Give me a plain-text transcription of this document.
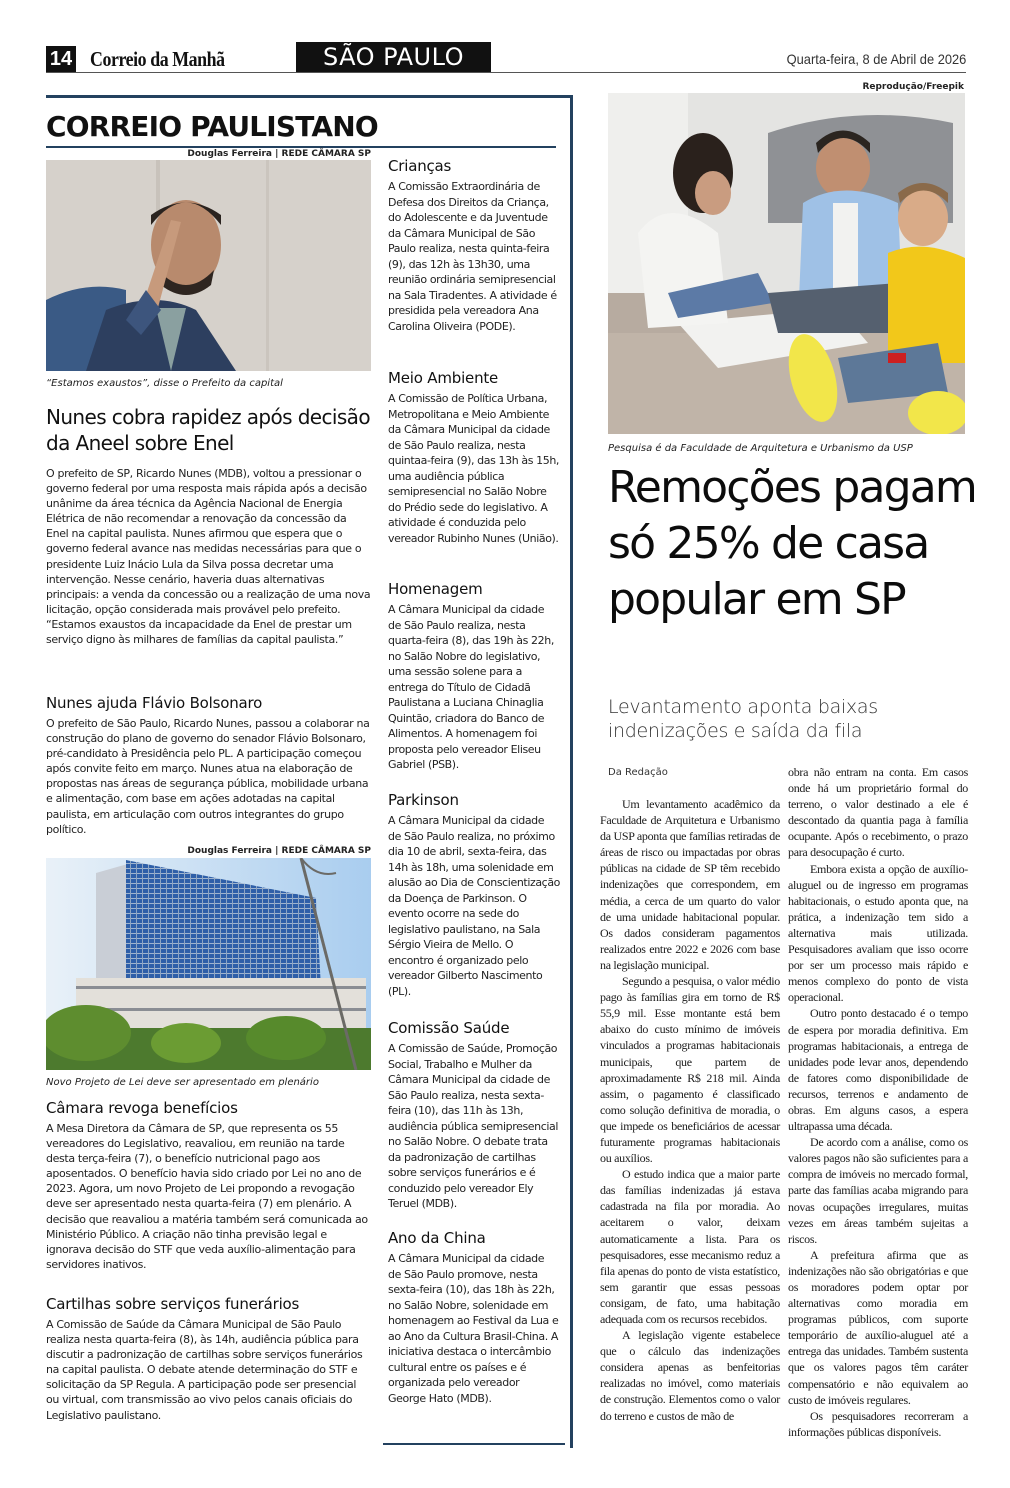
14 Correio da Manhã	SÃO PAULO	Quarta-feira, 8 de Abril de 2026
CORREIO PAULISTANO
Douglas Ferreira | REDE CÂMARA SP
“Estamos exaustos”, disse o Prefeito da capital
Nunes cobra rapidez após decisão da Aneel sobre Enel

O prefeito de SP, Ricardo Nunes (MDB), voltou a pressionar o governo federal por uma resposta mais rápida após a decisão unânime da área técnica da Agência Nacional de Energia Elétrica de não recomendar a renovação da concessão da Enel na capital paulista. Nunes afirmou que espera que o governo federal avance nas medidas necessárias para que o presidente Luiz Inácio Lula da Silva possa decretar uma intervenção. Nesse cenário, haveria duas alternativas principais: a venda da concessão ou a realização de uma nova licitação, opção considerada mais provável pelo prefeito. “Estamos exaustos da incapacidade da Enel de prestar um serviço digno às milhares de famílias da capital paulista.”

Nunes ajuda Flávio Bolsonaro

O prefeito de São Paulo, Ricardo Nunes, passou a colaborar na construção do plano de governo do senador Flávio Bolsonaro, pré-candidato à Presidência pelo PL. A participação começou após convite feito em março. Nunes atua na elaboração de propostas nas áreas de segurança pública, mobilidade urbana e alimentação, com base em ações adotadas na capital paulista, em articulação com outros integrantes do grupo político.

Douglas Ferreira | REDE CÂMARA SP
Novo Projeto de Lei deve ser apresentado em plenário
Câmara revoga benefícios

A Mesa Diretora da Câmara de SP, que representa os 55 vereadores do Legislativo, reavaliou, em reunião na tarde desta terça-feira (7), o benefício nutricional pago aos aposentados. O benefício havia sido criado por Lei no ano de 2023. Agora, um novo Projeto de Lei propondo a revogação deve ser apresentado nesta quarta-feira (7) em plenário. A decisão que reavaliou a matéria também será comunicada ao Ministério Público. A criação não tinha previsão legal e ignorava decisão do STF que veda auxílio-alimentação para servidores inativos.

Cartilhas sobre serviços funerários

A Comissão de Saúde da Câmara Municipal de São Paulo realiza nesta quarta-feira (8), às 14h, audiência pública para discutir a padronização de cartilhas sobre serviços funerários na capital paulista. O debate atende determinação do STF e solicitação da SP Regula. A participação pode ser presencial ou virtual, com transmissão ao vivo pelos canais oficiais do Legislativo paulistano.

Crianças

A Comissão Extraordinária de Defesa dos Direitos da Criança, do Adolescente e da Juventude da Câmara Municipal de São Paulo realiza, nesta quinta-feira (9), das 12h às 13h30, uma reunião ordinária semipresencial na Sala Tiradentes. A atividade é presidida pela vereadora Ana Carolina Oliveira (PODE).

Meio Ambiente

A Comissão de Política Urbana, Metropolitana e Meio Ambiente da Câmara Municipal da cidade de São Paulo realiza, nesta quintaa-feira (9), das 13h às 15h, uma audiência pública semipresencial no Salão Nobre do Prédio sede do legislativo. A atividade é conduzida pelo vereador Rubinho Nunes (União).

Homenagem

A Câmara Municipal da cidade de São Paulo realiza, nesta quarta-feira (8), das 19h às 22h, no Salão Nobre do legislativo, uma sessão solene para a entrega do Título de Cidadã Paulistana a Luciana Chinaglia Quintão, criadora do Banco de Alimentos. A homenagem foi proposta pelo vereador Eliseu Gabriel (PSB).

Parkinson

A Câmara Municipal da cidade de São Paulo realiza, no próximo dia 10 de abril, sexta-feira, das 14h às 18h, uma solenidade em alusão ao Dia de Conscientização da Doença de Parkinson. O evento ocorre na sede do legislativo paulistano, na Sala Sérgio Vieira de Mello. O encontro é organizado pelo vereador Gilberto Nascimento (PL).

Comissão Saúde

A Comissão de Saúde, Promoção Social, Trabalho e Mulher da Câmara Municipal da cidade de São Paulo realiza, nesta sexta-feira (10), das 11h às 13h, audiência pública semipresencial no Salão Nobre. O debate trata da padronização de cartilhas sobre serviços funerários e é conduzido pelo vereador Ely Teruel (MDB).

Ano da China

A Câmara Municipal da cidade de São Paulo promove, nesta sexta-feira (10), das 18h às 22h, no Salão Nobre, solenidade em homenagem ao Festival da Lua e ao Ano da Cultura Brasil-China. A iniciativa destaca o intercâmbio cultural entre os países e é organizada pelo vereador George Hato (MDB).

Reprodução/Freepik
Pesquisa é da Faculdade de Arquitetura e Urbanismo da USP
Remoções pagam só 25% de casa popular em SP

Levantamento aponta baixas indenizações e saída da fila

Da Redação

Um levantamento acadêmico da Faculdade de Arquitetura e Urbanismo da USP aponta que famílias retiradas de áreas de risco ou impactadas por obras públicas na cidade de SP têm recebido indenizações que correspondem, em média, a cerca de um quarto do valor de uma unidade habitacional popular. Os dados consideram pagamentos realizados entre 2022 e 2026 com base na legislação municipal.

Segundo a pesquisa, o valor médio pago às famílias gira em torno de R$ 55,9 mil. Esse montante está bem abaixo do custo mínimo de imóveis vinculados a programas habitacionais municipais, que partem de aproximadamente R$ 218 mil. Ainda assim, o pagamento é classificado como solução definitiva de moradia, o que impede os beneficiários de acessar futuramente programas habitacionais ou auxílios.

O estudo indica que a maior parte das famílias indenizadas já estava cadastrada na fila por moradia. Ao aceitarem o valor, deixam automaticamente a lista. Para os pesquisadores, esse mecanismo reduz a fila apenas do ponto de vista estatístico, sem garantir que essas pessoas consigam, de fato, uma habitação adequada com os recursos recebidos.

A legislação vigente estabelece que o cálculo das indenizações considera apenas as benfeitorias realizadas no imóvel, como materiais de construção. Elementos como o valor do terreno e custos de mão de

obra não entram na conta. Em casos onde há um proprietário formal do terreno, o valor destinado a ele é descontado da quantia paga à família ocupante. Após o recebimento, o prazo para desocupação é curto.

Embora exista a opção de auxílio-aluguel ou de ingresso em programas habitacionais, o estudo aponta que, na prática, a indenização tem sido a alternativa mais utilizada. Pesquisadores avaliam que isso ocorre por ser um processo mais rápido e menos complexo do ponto de vista operacional.

Outro ponto destacado é o tempo de espera por moradia definitiva. Em programas habitacionais, a entrega de unidades pode levar anos, dependendo de fatores como disponibilidade de recursos, terrenos e andamento de obras. Em alguns casos, a espera ultrapassa uma década.

De acordo com a análise, como os valores pagos não são suficientes para a compra de imóveis no mercado formal, parte das famílias acaba migrando para novas ocupações irregulares, muitas vezes em áreas também sujeitas a riscos.

A prefeitura afirma que as indenizações não são obrigatórias e que os moradores podem optar por alternativas como moradia em programas públicos, com suporte temporário de auxílio-aluguel até a entrega das unidades. Também sustenta que os valores pagos têm caráter compensatório e não equivalem ao custo de imóveis regulares.

Os pesquisadores recorreram a informações públicas disponíveis.
